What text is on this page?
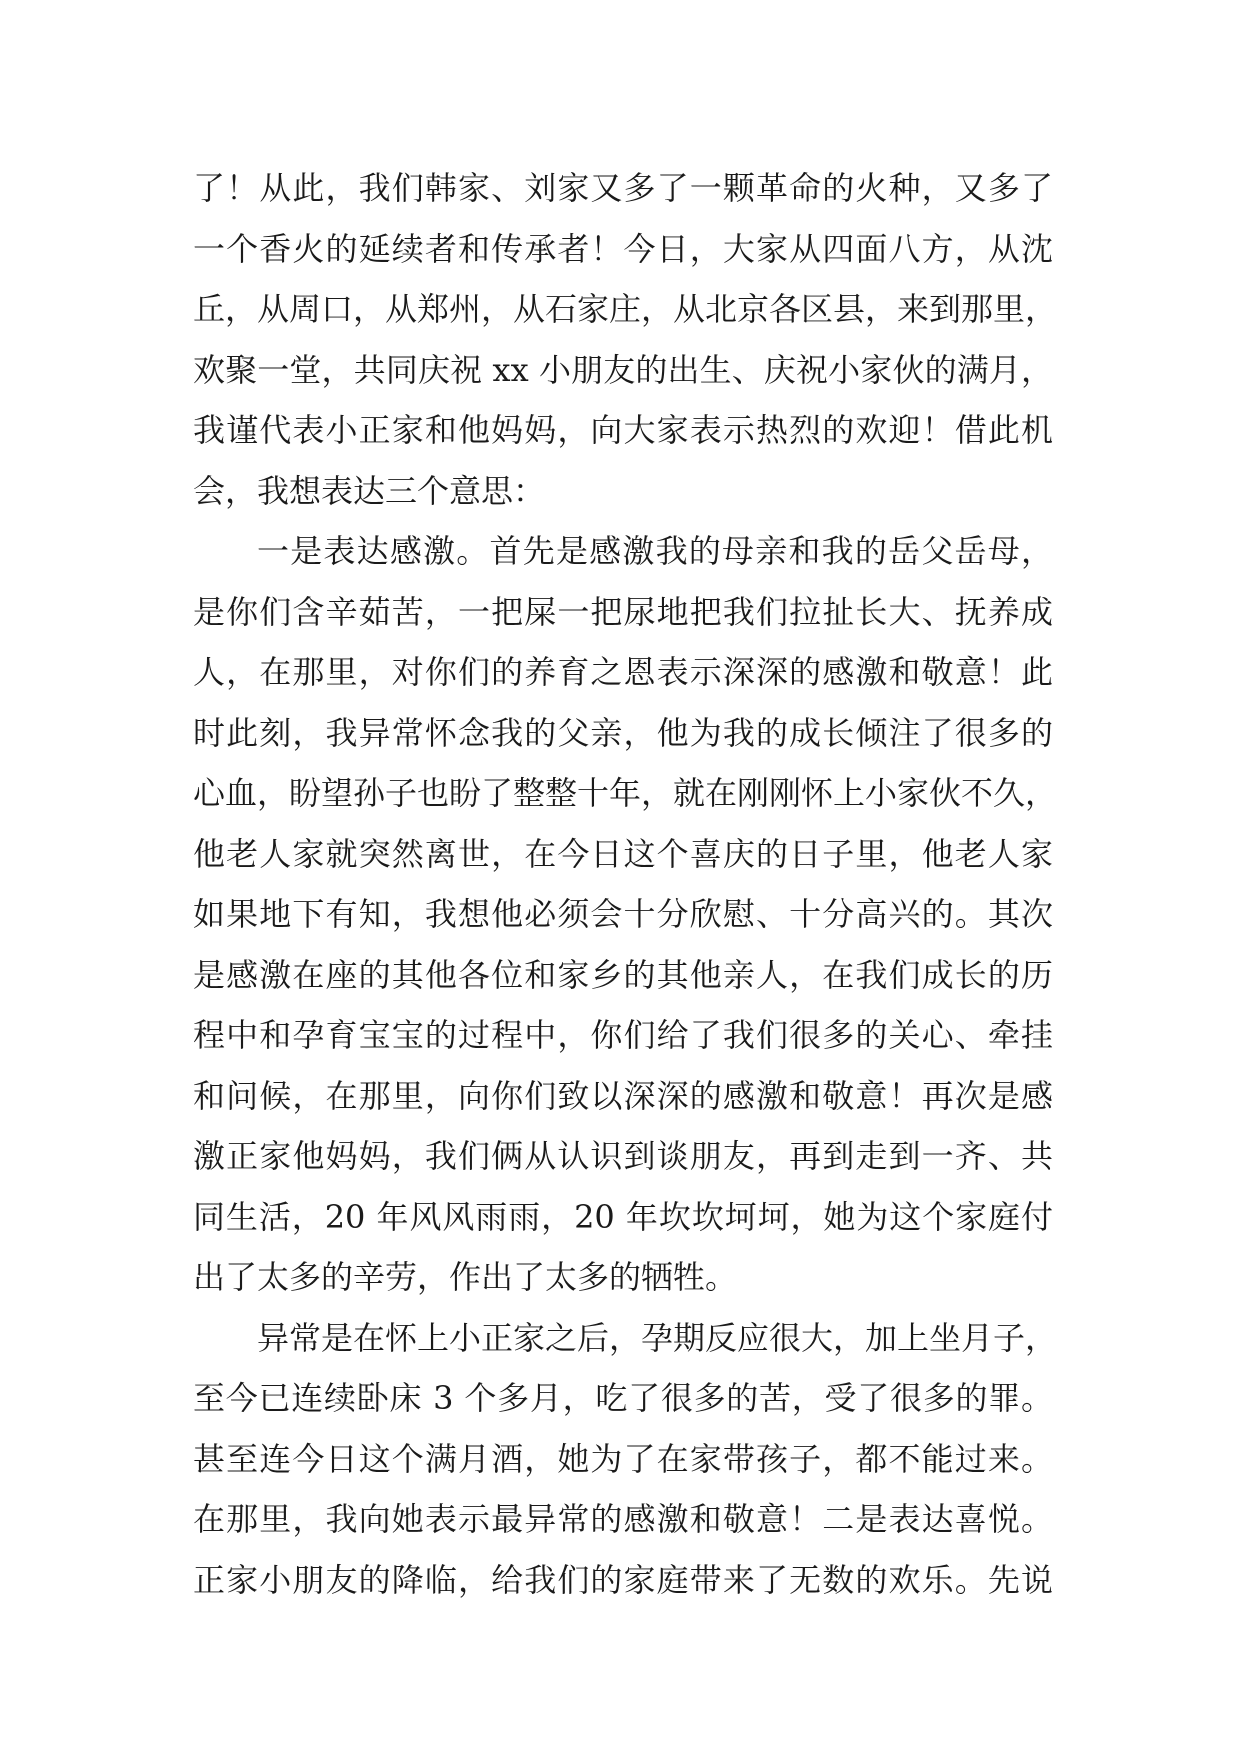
了！从此，我们韩家、刘家又多了一颗革命的火种，又多了
一个香火的延续者和传承者！今日，大家从四面八方，从沈
丘，从周口，从郑州，从石家庄，从北京各区县，来到那里，
欢聚一堂，共同庆祝 xx 小朋友的出生、庆祝小家伙的满月，
我谨代表小正家和他妈妈，向大家表示热烈的欢迎！借此机
会，我想表达三个意思：
一是表达感激。首先是感激我的母亲和我的岳父岳母，
是你们含辛茹苦，一把屎一把尿地把我们拉扯长大、抚养成
人，在那里，对你们的养育之恩表示深深的感激和敬意！此
时此刻，我异常怀念我的父亲，他为我的成长倾注了很多的
心血，盼望孙子也盼了整整十年，就在刚刚怀上小家伙不久，
他老人家就突然离世，在今日这个喜庆的日子里，他老人家
如果地下有知，我想他必须会十分欣慰、十分高兴的。其次
是感激在座的其他各位和家乡的其他亲人，在我们成长的历
程中和孕育宝宝的过程中，你们给了我们很多的关心、牵挂
和问候，在那里，向你们致以深深的感激和敬意！再次是感
激正家他妈妈，我们俩从认识到谈朋友，再到走到一齐、共
同生活，20 年风风雨雨，20 年坎坎坷坷，她为这个家庭付
出了太多的辛劳，作出了太多的牺牲。
异常是在怀上小正家之后，孕期反应很大，加上坐月子，
至今已连续卧床 3 个多月，吃了很多的苦，受了很多的罪。
甚至连今日这个满月酒，她为了在家带孩子，都不能过来。
在那里，我向她表示最异常的感激和敬意！二是表达喜悦。
正家小朋友的降临，给我们的家庭带来了无数的欢乐。先说
